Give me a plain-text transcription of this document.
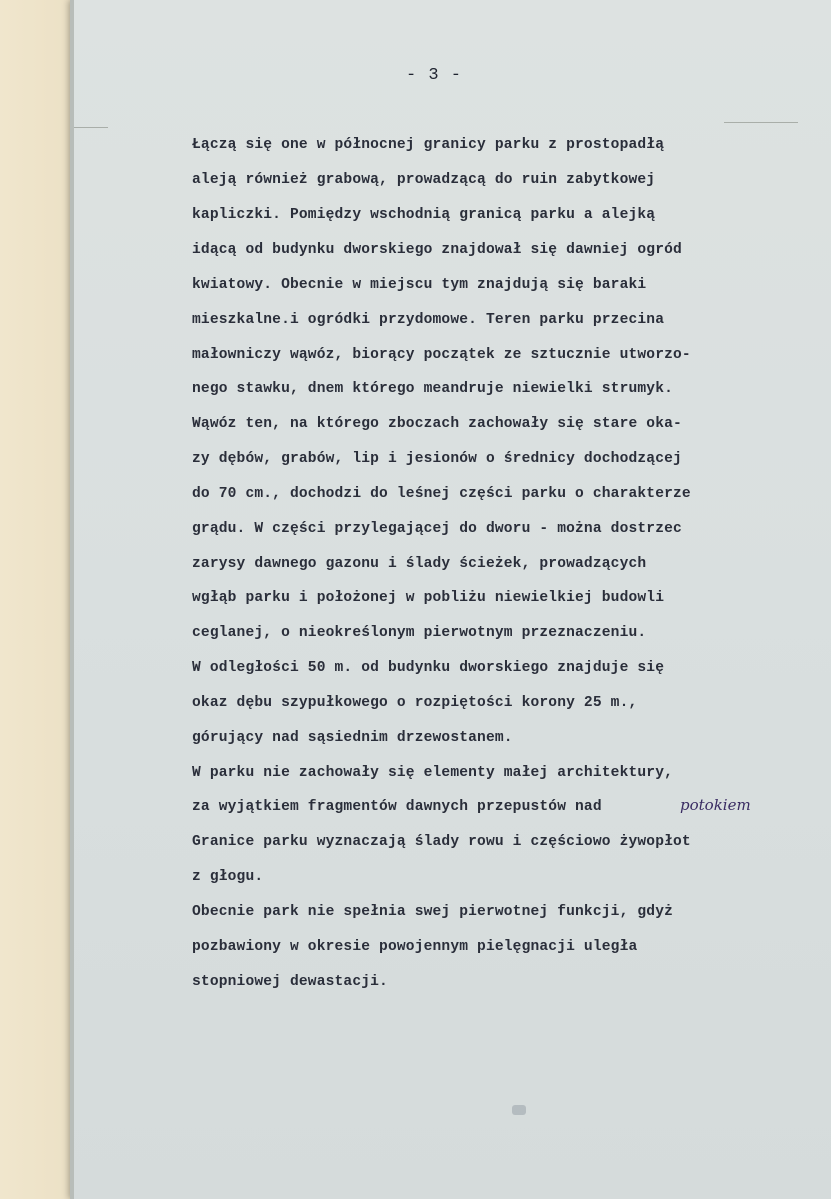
- 3 -
Łączą się one w północnej granicy parku z prostopadłą
aleją również grabową, prowadzącą do ruin zabytkowej
kapliczki. Pomiędzy wschodnią granicą parku a alejką
idącą od budynku dworskiego znajdował się dawniej ogród
kwiatowy. Obecnie w miejscu tym znajdują się baraki
mieszkalne.i ogródki przydomowe. Teren parku przecina
małowniczy wąwóz, biorący początek ze sztucznie utworzo-
nego stawku, dnem którego meandruje niewielki strumyk.
Wąwóz ten, na którego zboczach zachowały się stare oka-
zy dębów, grabów, lip i jesionów o średnicy dochodzącej
do 70 cm., dochodzi do leśnej części parku o charakterze
grądu. W części przylegającej do dworu - można dostrzec
zarysy dawnego gazonu i ślady ścieżek, prowadzących
wgłąb parku i położonej w pobliżu niewielkiej budowli
ceglanej, o nieokreślonym pierwotnym przeznaczeniu.
W odległości 50 m. od budynku dworskiego znajduje się
okaz dębu szypułkowego o rozpiętości korony 25 m.,
górujący nad sąsiednim drzewostanem.
W parku nie zachowały się elementy małej architektury,
za wyjątkiem fragmentów dawnych przepustów nad
Granice parku wyznaczają ślady rowu i częściowo żywopłot
z głogu.
Obecnie park nie spełnia swej pierwotnej funkcji, gdyż
pozbawiony w okresie powojennym pielęgnacji uległa
stopniowej dewastacji.
potokiem
